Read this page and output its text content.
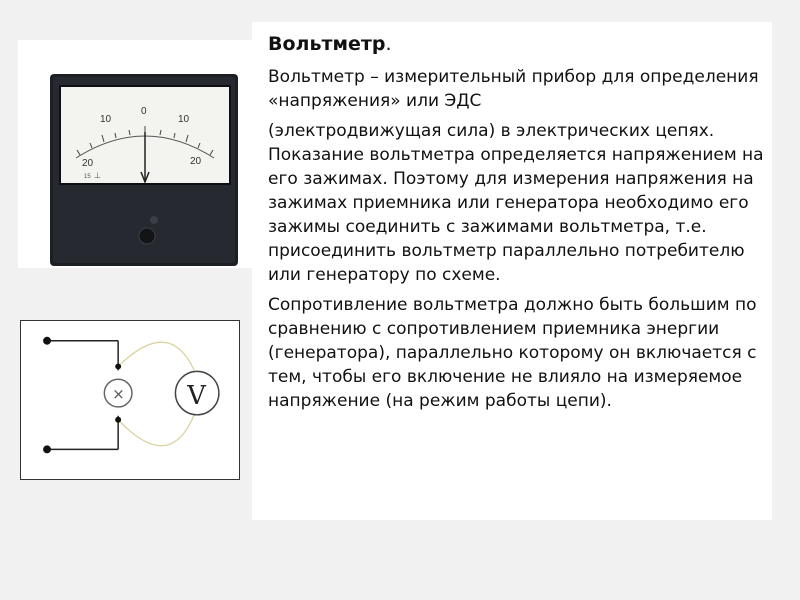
Вольтметр.

Вольтметр – измерительный прибор для определения «напряжения» или ЭДС

(электродвижущая сила) в электрических цепях.

Показание вольтметра определяется напряжением на его зажимах. Поэтому для измерения напряжения на зажимах приемника или генератора необходимо его зажимы соединить с зажимами вольтметра, т.е. присоединить вольтметр параллельно потребителю или генератору по схеме.

Сопротивление вольтметра должно быть большим по сравнению с сопротивлением приемника энергии (генератора), параллельно которому он включается с тем, чтобы его включение не влияло на измеряемое напряжение (на режим работы цепи).

10
0
10
20	20
15 ⊥
× V
